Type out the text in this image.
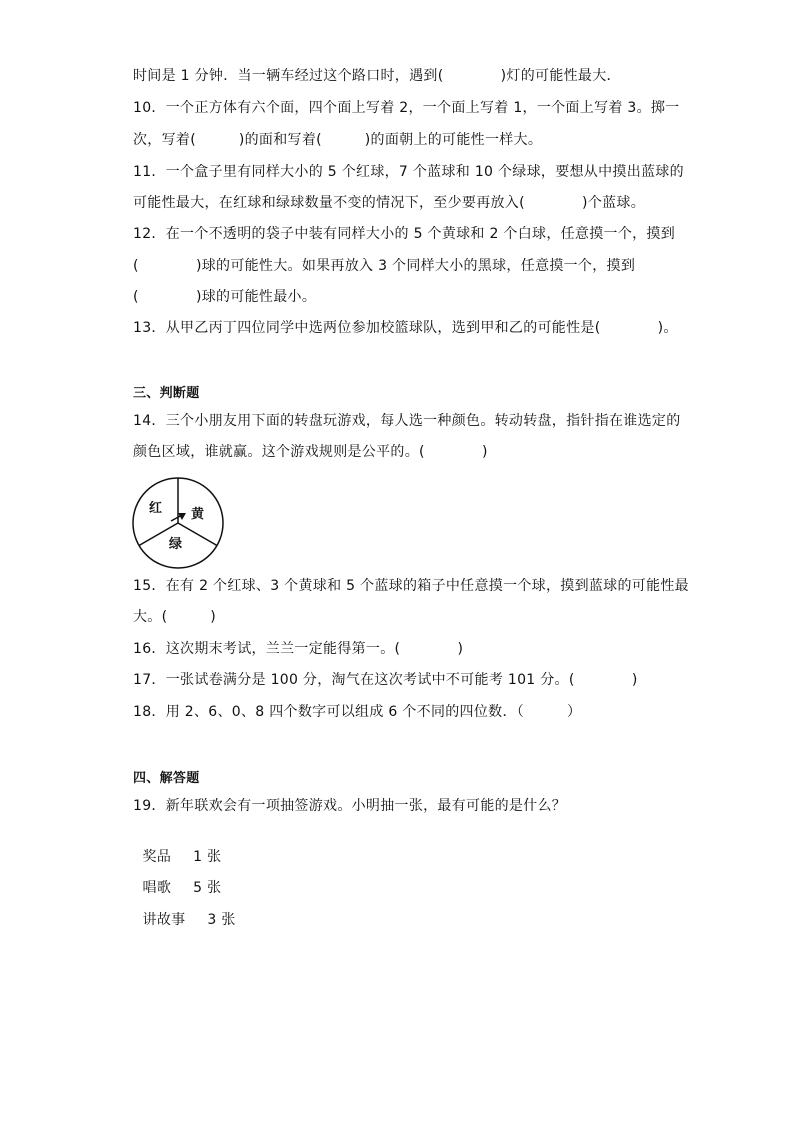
时间是 1 分钟．当一辆车经过这个路口时，遇到(　　　　)灯的可能性最大．
10．一个正方体有六个面，四个面上写着 2，一个面上写着 1，一个面上写着 3。掷一
次，写着(　　　)的面和写着(　　　)的面朝上的可能性一样大。
11．一个盒子里有同样大小的 5 个红球，7 个蓝球和 10 个绿球，要想从中摸出蓝球的
可能性最大，在红球和绿球数量不变的情况下，至少要再放入(　　　　)个蓝球。
12．在一个不透明的袋子中装有同样大小的 5 个黄球和 2 个白球，任意摸一个，摸到
(　　　　)球的可能性大。如果再放入 3 个同样大小的黑球，任意摸一个，摸到
(　　　　)球的可能性最小。
13．从甲乙丙丁四位同学中选两位参加校篮球队，选到甲和乙的可能性是(　　　　)。
三、判断题
14．三个小朋友用下面的转盘玩游戏，每人选一种颜色。转动转盘，指针指在谁选定的
颜色区域，谁就赢。这个游戏规则是公平的。(　　　　)
红 黄
绿
15．在有 2 个红球、3 个黄球和 5 个蓝球的箱子中任意摸一个球，摸到蓝球的可能性最
大。(　　　)
16．这次期末考试，兰兰一定能得第一。(　　　　)
17．一张试卷满分是 100 分，淘气在这次考试中不可能考 101 分。(　　　　)
18．用 2、6、0、8 四个数字可以组成 6 个不同的四位数．（　　　）
四、解答题
19．新年联欢会有一项抽签游戏。小明抽一张，最有可能的是什么？

奖品 1 张

唱歌 5 张

讲故事 3 张
